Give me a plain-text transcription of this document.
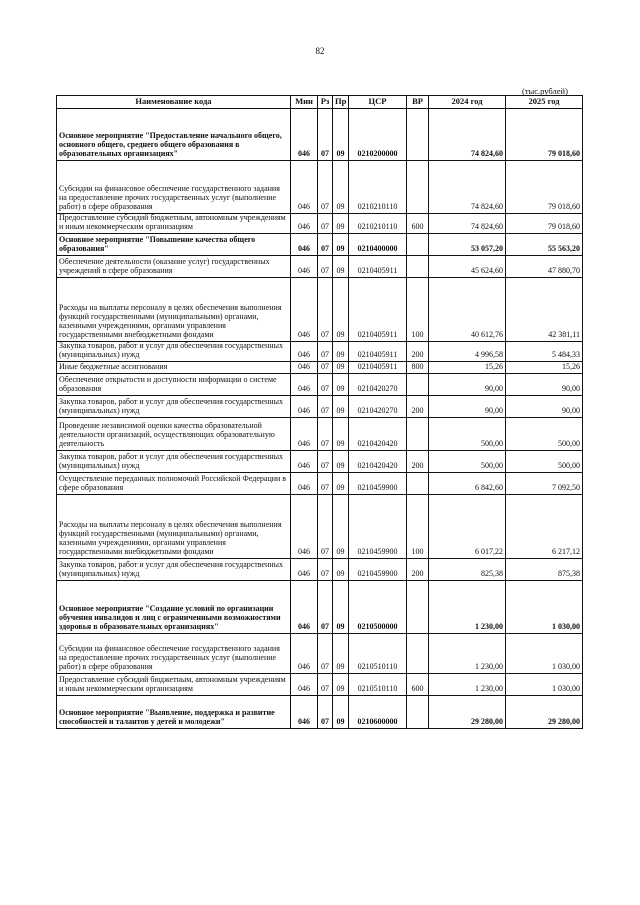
82
(тыс.рублей)
Наименование кода	Мин	Рз	Пр	ЦСР	ВР	2024 год	2025 год
Основное мероприятие "Предоставление начального общего, основного общего, среднего общего образования в образовательных организациях"	046	07	09	0210200000		74 824,60	79 018,60
Субсидии на финансовое обеспечение государственного задания на предоставление прочих государственных услуг (выполнение работ) в сфере образования	046	07	09	0210210110		74 824,60	79 018,60
Предоставление субсидий бюджетным, автономным учреждениям и иным некоммерческим организациям	046	07	09	0210210110	600	74 824,60	79 018,60
Основное мероприятие "Повышение качества общего образования"	046	07	09	0210400000		53 057,20	55 563,20
Обеспечение деятельности (оказание услуг) государственных учреждений в сфере образования	046	07	09	0210405911		45 624,60	47 880,70
Расходы на выплаты персоналу в целях обеспечения выполнения функций государственными (муниципальными) органами, казенными учреждениями, органами управления государственными внебюджетными фондами	046	07	09	0210405911	100	40 612,76	42 381,11
Закупка товаров, работ и услуг для обеспечения государственных (муниципальных) нужд	046	07	09	0210405911	200	4 996,58	5 484,33
Иные бюджетные ассигнования	046	07	09	0210405911	800	15,26	15,26
Обеспечение открытости и доступности информации о системе образования	046	07	09	0210420270		90,00	90,00
Закупка товаров, работ и услуг для обеспечения государственных (муниципальных) нужд	046	07	09	0210420270	200	90,00	90,00
Проведение независимой оценки качества образовательной деятельности организаций, осуществляющих образовательную деятельность	046	07	09	0210420420		500,00	500,00
Закупка товаров, работ и услуг для обеспечения государственных (муниципальных) нужд	046	07	09	0210420420	200	500,00	500,00
Осуществление переданных полномочий Российской Федерации в сфере образования	046	07	09	0210459900		6 842,60	7 092,50
Расходы на выплаты персоналу в целях обеспечения выполнения функций государственными (муниципальными) органами, казенными учреждениями, органами управления государственными внебюджетными фондами	046	07	09	0210459900	100	6 017,22	6 217,12
Закупка товаров, работ и услуг для обеспечения государственных (муниципальных) нужд	046	07	09	0210459900	200	825,38	875,38
Основное мероприятие "Создание условий по организации обучения инвалидов и лиц с ограниченными возможностями здоровья в образовательных организациях"	046	07	09	0210500000		1 230,00	1 030,00
Субсидии на финансовое обеспечение государственного задания на предоставление прочих государственных услуг (выполнение работ) в сфере образования	046	07	09	0210510110		1 230,00	1 030,00
Предоставление субсидий бюджетным, автономным учреждениям и иным некоммерческим организациям	046	07	09	0210510110	600	1 230,00	1 030,00
Основное мероприятие "Выявление, поддержка и развитие способностей и талантов у детей и молодежи"	046	07	09	0210600000		29 280,00	29 280,00
